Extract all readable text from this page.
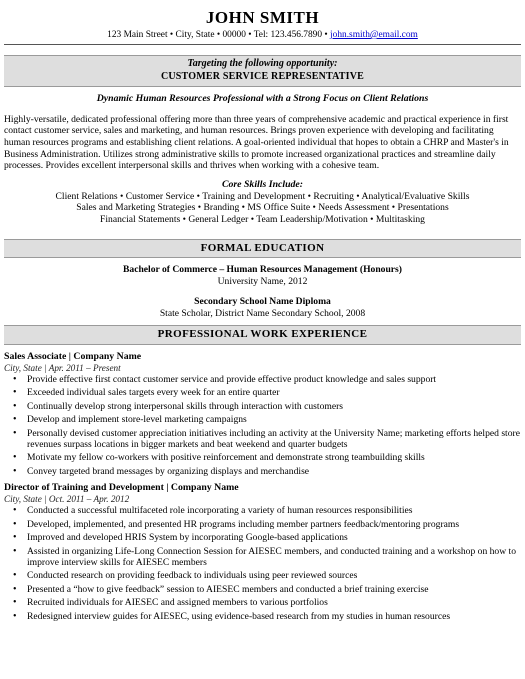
JOHN SMITH
123 Main Street • City, State • 00000 • Tel: 123.456.7890 • john.smith@email.com
Targeting the following opportunity:
CUSTOMER SERVICE REPRESENTATIVE
Dynamic Human Resources Professional with a Strong Focus on Client Relations
Highly-versatile, dedicated professional offering more than three years of comprehensive academic and practical experience in first contact customer service, sales and marketing, and human resources. Brings proven experience with developing and facilitating human resources programs and establishing client relations. A goal-oriented individual that hopes to obtain a CHRP and Master's in Business Administration. Utilizes strong administrative skills to promote increased organizational practices and streamline daily processes. Provides excellent interpersonal skills and thrives when working with a cohesive team.
Core Skills Include:
Client Relations • Customer Service • Training and Development • Recruiting • Analytical/Evaluative Skills
Sales and Marketing Strategies • Branding • MS Office Suite • Needs Assessment • Presentations
Financial Statements • General Ledger • Team Leadership/Motivation • Multitasking
FORMAL EDUCATION
Bachelor of Commerce – Human Resources Management (Honours)
University Name, 2012
Secondary School Name Diploma
State Scholar, District Name Secondary School, 2008
PROFESSIONAL WORK EXPERIENCE
Sales Associate | Company Name
City, State | Apr. 2011 – Present
• Provide effective first contact customer service and provide effective product knowledge and sales support
• Exceeded individual sales targets every week for an entire quarter
• Continually develop strong interpersonal skills through interaction with customers
• Develop and implement store-level marketing campaigns
• Personally devised customer appreciation initiatives including an activity at the University Name; marketing efforts helped store revenues surpass locations in bigger markets and beat weekend and quarter budgets
• Motivate my fellow co-workers with positive reinforcement and demonstrate strong teambuilding skills
• Convey targeted brand messages by organizing displays and merchandise
Director of Training and Development | Company Name
City, State | Oct. 2011 – Apr. 2012
• Conducted a successful multifaceted role incorporating a variety of human resources responsibilities
• Developed, implemented, and presented HR programs including member partners feedback/mentoring programs
• Improved and developed HRIS System by incorporating Google-based applications
• Assisted in organizing Life-Long Connection Session for AIESEC members, and conducted training and a workshop on how to improve interview skills for AIESEC members
• Conducted research on providing feedback to individuals using peer reviewed sources
• Presented a “how to give feedback” session to AIESEC members and conducted a brief training exercise
• Recruited individuals for AIESEC and assigned members to various portfolios
• Redesigned interview guides for AIESEC, using evidence-based research from my studies in human resources
